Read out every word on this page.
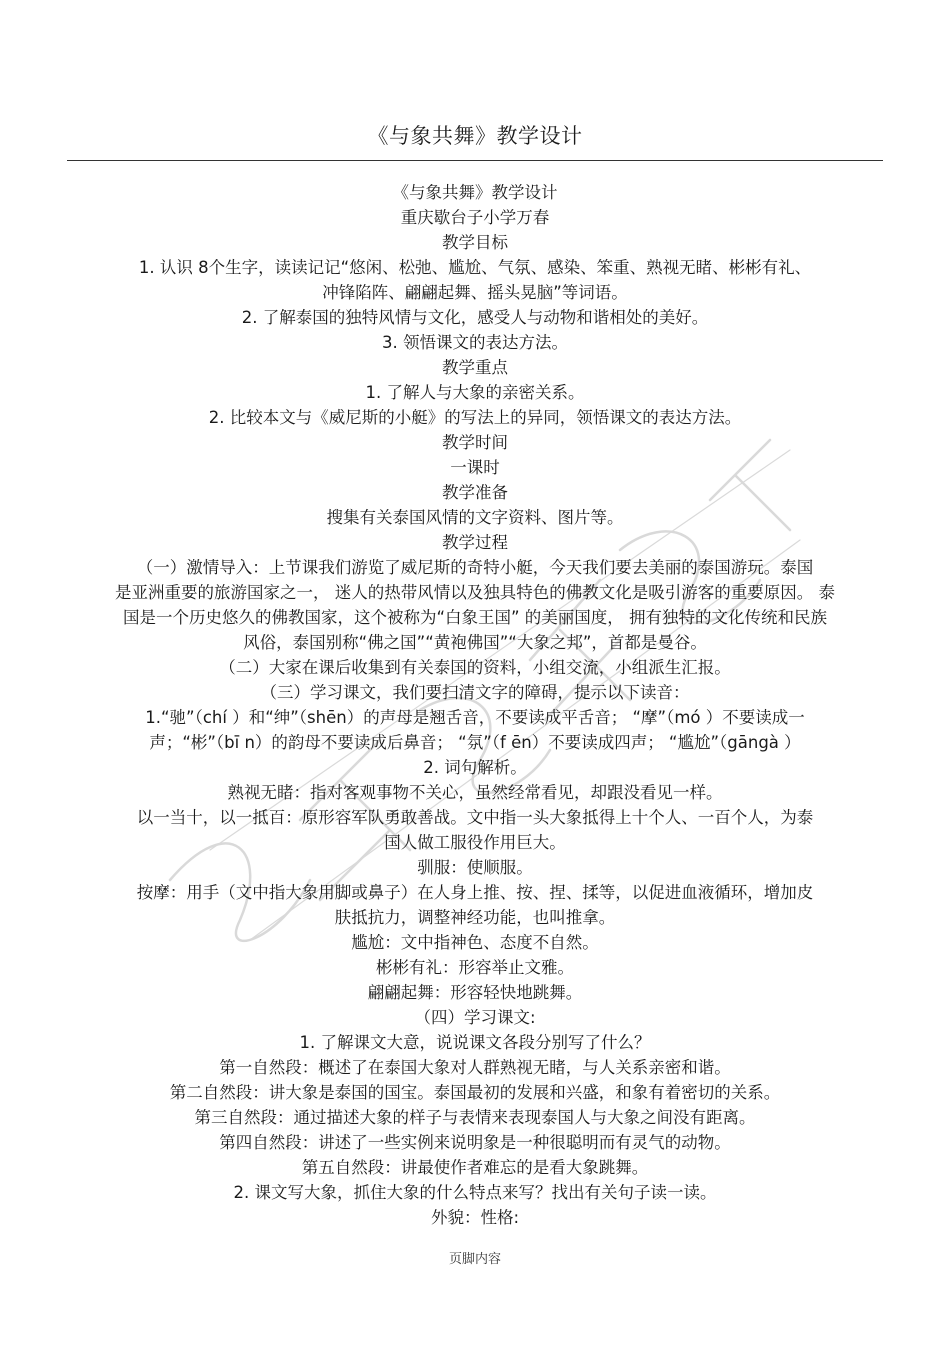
《与象共舞》教学设计

《与象共舞》教学设计

重庆歇台子小学万春

教学目标

1. 认识 8个生字，读读记记“悠闲、松弛、尴尬、气氛、感染、笨重、熟视无睹、彬彬有礼、

冲锋陷阵、翩翩起舞、摇头晃脑”等词语。

2. 了解泰国的独特风情与文化，感受人与动物和谐相处的美好。

3. 领悟课文的表达方法。

教学重点

1. 了解人与大象的亲密关系。

2. 比较本文与《威尼斯的小艇》的写法上的异同，领悟课文的表达方法。

教学时间

一课时

教学准备

搜集有关泰国风情的文字资料、图片等。

教学过程

（一）激情导入：上节课我们游览了威尼斯的奇特小艇，今天我们要去美丽的泰国游玩。泰国

是亚洲重要的旅游国家之一， 迷人的热带风情以及独具特色的佛教文化是吸引游客的重要原因。 泰

国是一个历史悠久的佛教国家，这个被称为“白象王国” 的美丽国度， 拥有独特的文化传统和民族

风俗，泰国别称“佛之国”“黄袍佛国”“大象之邦”，首都是曼谷。

（二）大家在课后收集到有关泰国的资料，小组交流，小组派生汇报。

（三）学习课文，我们要扫清文字的障碍，提示以下读音：

1.“驰”（chí ）和“绅”（shēn）的声母是翘舌音，不要读成平舌音； “摩”（mó ）不要读成一

声；“彬”（bī n）的韵母不要读成后鼻音； “氛”（f ēn）不要读成四声； “尴尬”（gāngà ）

2. 词句解析。

熟视无睹：指对客观事物不关心，虽然经常看见，却跟没看见一样。

以一当十，以一抵百：原形容军队勇敢善战。文中指一头大象抵得上十个人、一百个人，为泰

国人做工服役作用巨大。

驯服：使顺服。

按摩：用手（文中指大象用脚或鼻子）在人身上推、按、捏、揉等，以促进血液循环，增加皮

肤抵抗力，调整神经功能，也叫推拿。

尴尬：文中指神色、态度不自然。

彬彬有礼：形容举止文雅。

翩翩起舞：形容轻快地跳舞。

（四）学习课文:

1. 了解课文大意，说说课文各段分别写了什么？

第一自然段：概述了在泰国大象对人群熟视无睹，与人关系亲密和谐。

第二自然段：讲大象是泰国的国宝。泰国最初的发展和兴盛，和象有着密切的关系。

第三自然段：通过描述大象的样子与表情来表现泰国人与大象之间没有距离。

第四自然段：讲述了一些实例来说明象是一种很聪明而有灵气的动物。

第五自然段：讲最使作者难忘的是看大象跳舞。

2. 课文写大象，抓住大象的什么特点来写？找出有关句子读一读。

外貌：性格:

页脚内容
